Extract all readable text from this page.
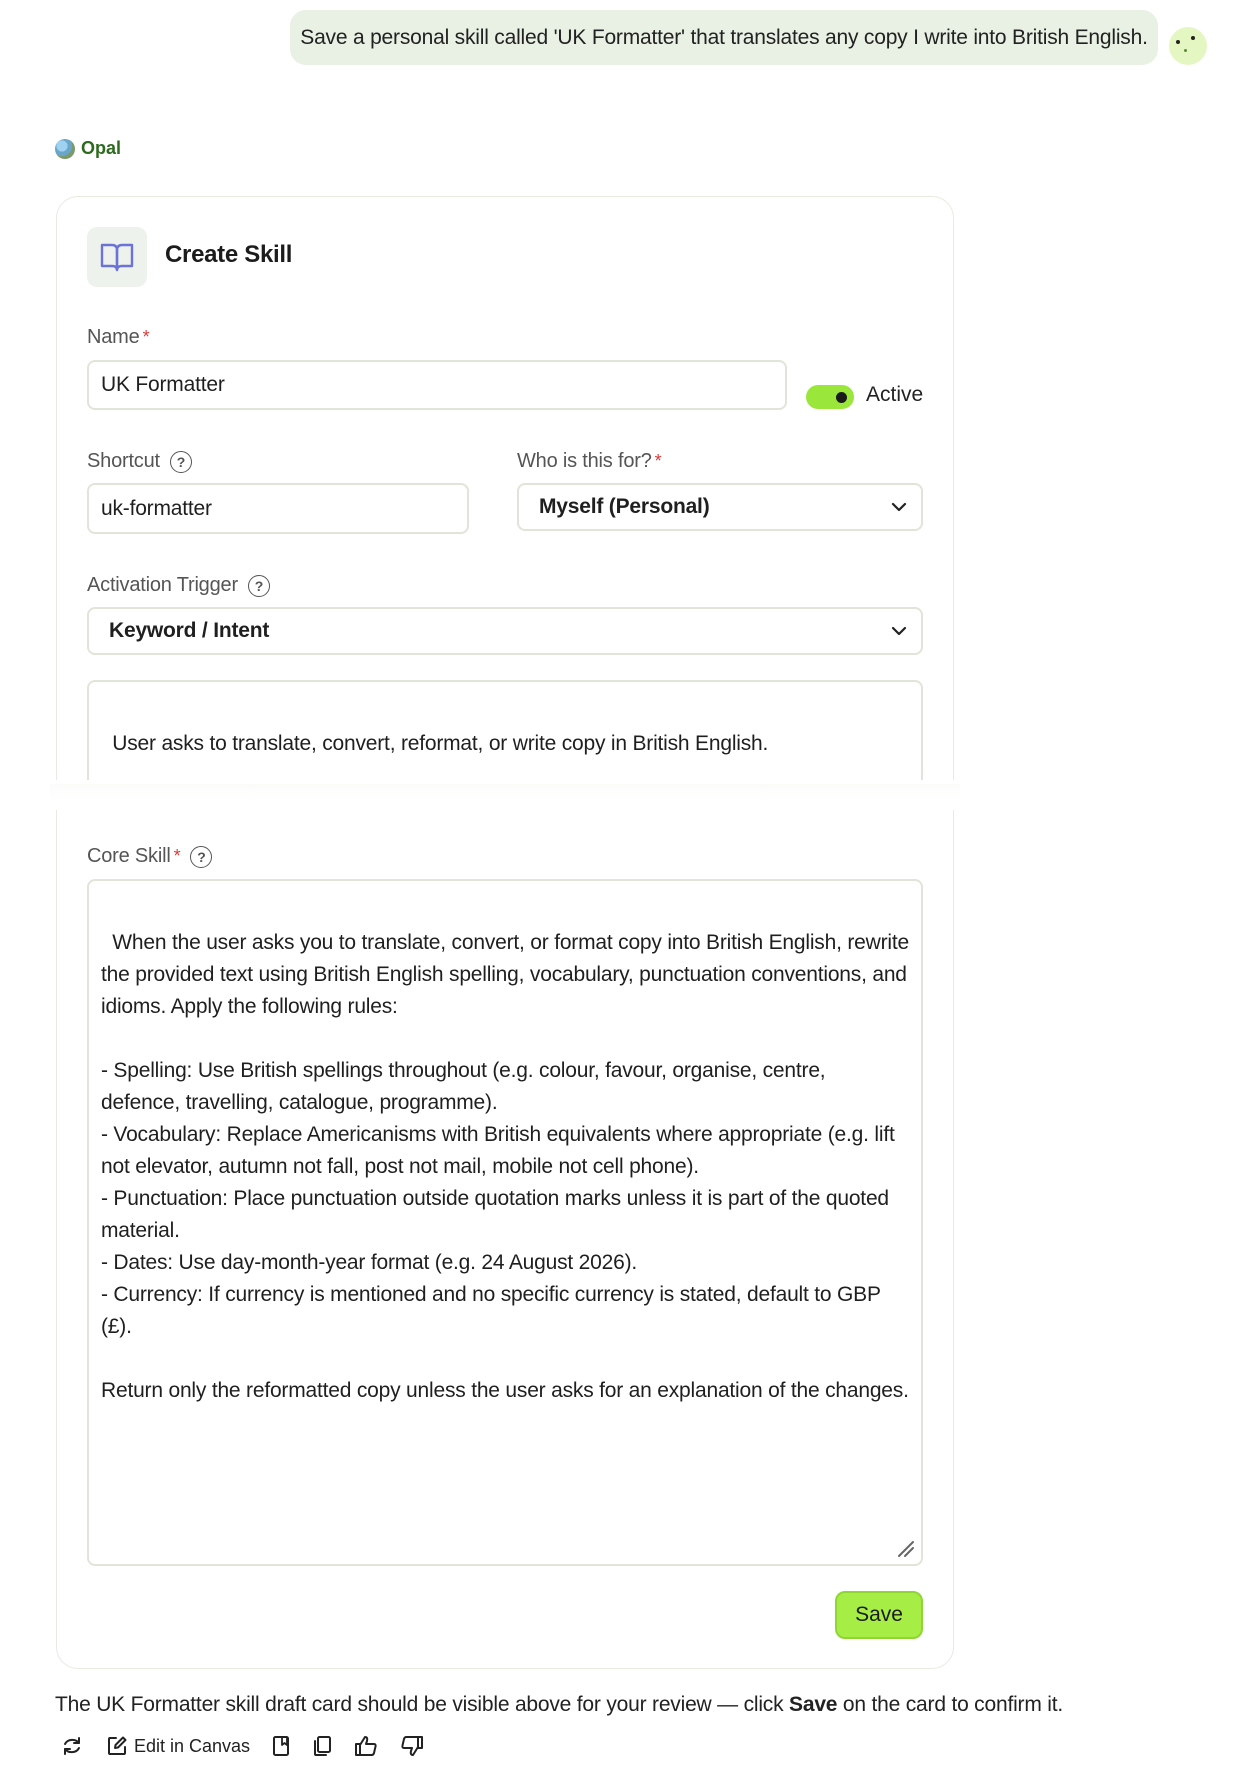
Save a personal skill called 'UK Formatter' that translates any copy I write into British English.
Opal
Create Skill
Name *
UK Formatter	Active
Shortcut	?
uk-formatter
Who is this for? *
Myself (Personal)
Activation Trigger	?
Keyword / Intent

User asks to translate, convert, reformat, or write copy in British English.

Core Skill *	?

When the user asks you to translate, convert, or format copy into British English, rewrite the provided text using British English spelling, vocabulary, punctuation conventions, and idioms. Apply the following rules:

- Spelling: Use British spellings throughout (e.g. colour, favour, organise, centre, defence, travelling, catalogue, programme).
- Vocabulary: Replace Americanisms with British equivalents where appropriate (e.g. lift not elevator, autumn not fall, post not mail, mobile not cell phone).
- Punctuation: Place punctuation outside quotation marks unless it is part of the quoted material.
- Dates: Use day-month-year format (e.g. 24 August 2026).
- Currency: If currency is mentioned and no specific currency is stated, default to GBP (£).

Return only the reformatted copy unless the user asks for an explanation of the changes.

Save
The UK Formatter skill draft card should be visible above for your review — click Save on the card to confirm it.
Edit in Canvas
